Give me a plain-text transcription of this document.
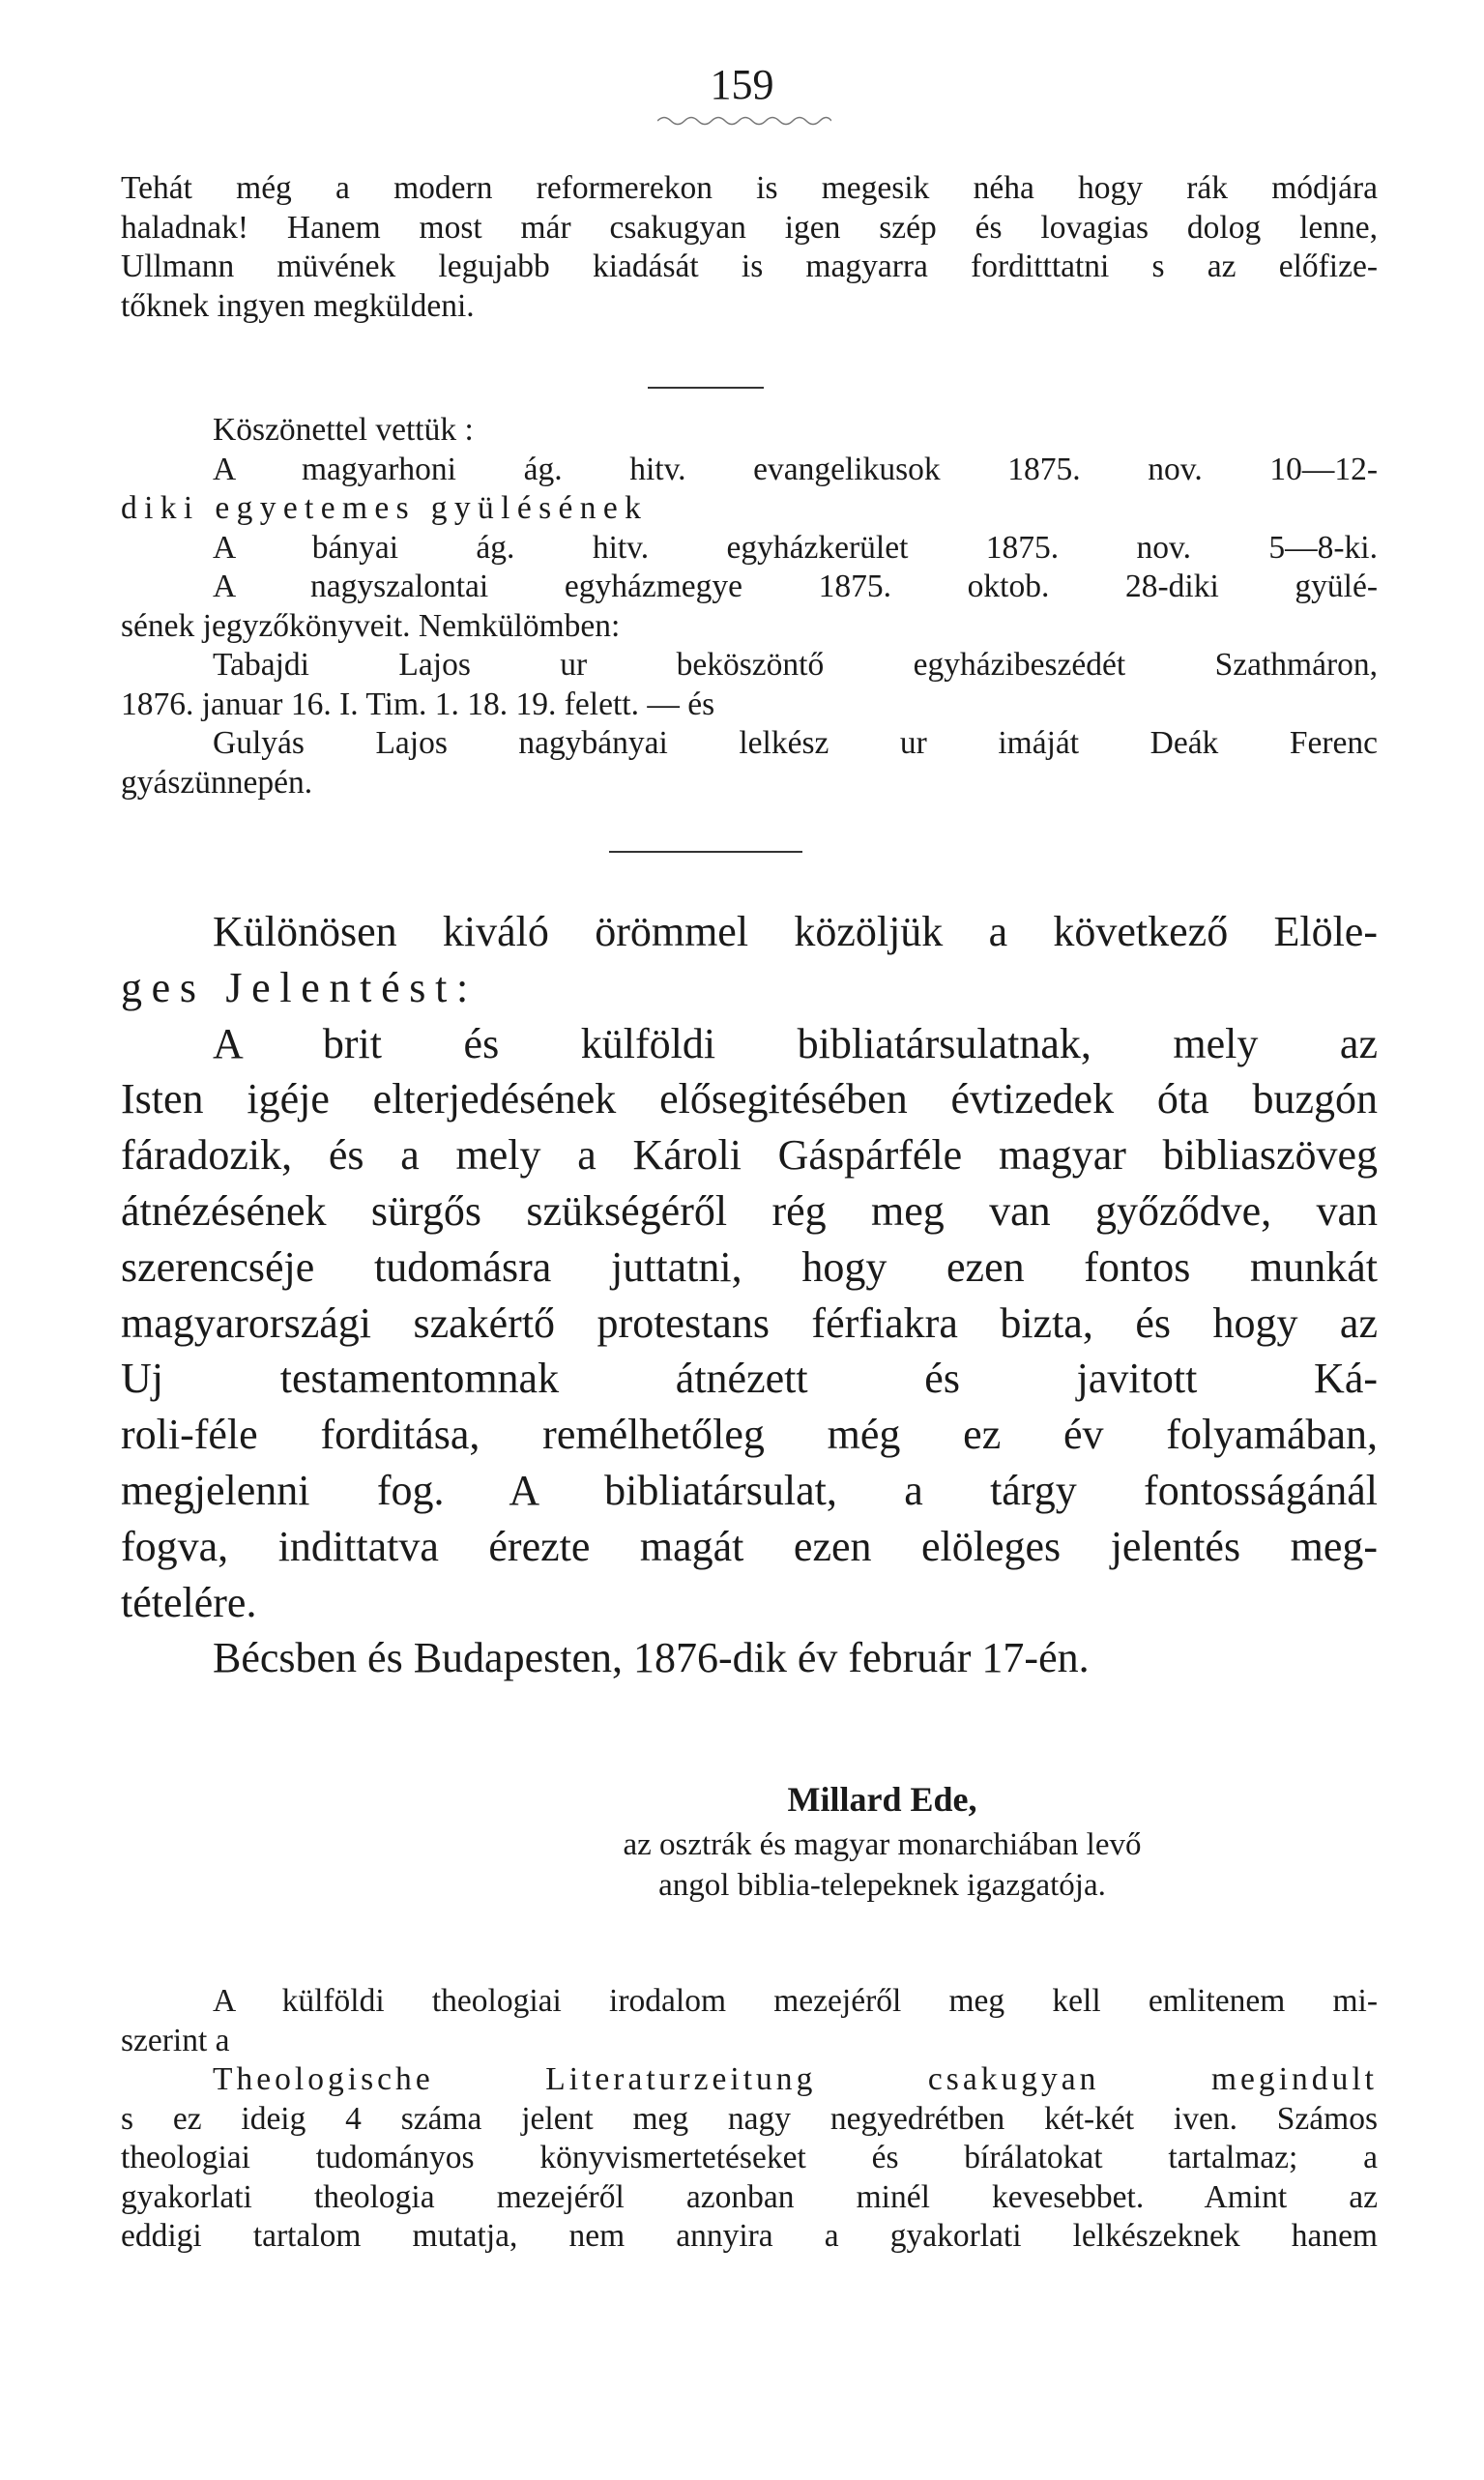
159
Tehát még a modern reformerekon is megesik néha hogy rák módjára
haladnak! Hanem most már csakugyan igen szép és lovagias dolog lenne,
Ullmann müvének legujabb kiadását is magyarra forditttatni s az előfize-
tőknek ingyen megküldeni.
Köszönettel vettük :
A magyarhoni ág. hitv. evangelikusok 1875. nov. 10—12-
diki egyetemes gyülésének
A bányai ág. hitv. egyházkerület 1875. nov. 5—8-ki.
A nagyszalontai egyházmegye 1875. oktob. 28-diki gyülé-
sének jegyzőkönyveit. Nemkülömben:
Tabajdi Lajos ur beköszöntő egyházibeszédét Szathmáron,
1876. januar 16. I. Tim. 1. 18. 19. felett. — és
Gulyás Lajos nagybányai lelkész ur imáját Deák Ferenc
gyászünnepén.
Különösen kiváló örömmel közöljük a következő Elöle-
ges Jelentést:
A brit és külföldi bibliatársulatnak, mely az
Isten igéje elterjedésének elősegitésében évtizedek óta buzgón
fáradozik, és a mely a Károli Gáspárféle magyar bibliaszöveg
átnézésének sürgős szükségéről rég meg van győződve, van
szerencséje tudomásra juttatni, hogy ezen fontos munkát
magyarországi szakértő protestans férfiakra bizta, és hogy az
Uj testamentomnak átnézett és javitott Ká-
roli-féle forditása, remélhetőleg még ez év folyamában,
megjelenni fog. A bibliatársulat, a tárgy fontosságánál
fogva, indittatva érezte magát ezen elöleges jelentés meg-
tételére.
Bécsben és Budapesten, 1876-dik év február 17-én.
Millard Ede,
az osztrák és magyar monarchiában levő
angol biblia-telepeknek igazgatója.
A külföldi theologiai irodalom mezejéről meg kell emlitenem mi-
szerint a
Theologische Literaturzeitung csakugyan megindult
s ez ideig 4 száma jelent meg nagy negyedrétben két-két iven. Számos
theologiai tudományos könyvismertetéseket és bírálatokat tartalmaz; a
gyakorlati theologia mezejéről azonban minél kevesebbet. Amint az
eddigi tartalom mutatja, nem annyira a gyakorlati lelkészeknek hanem
